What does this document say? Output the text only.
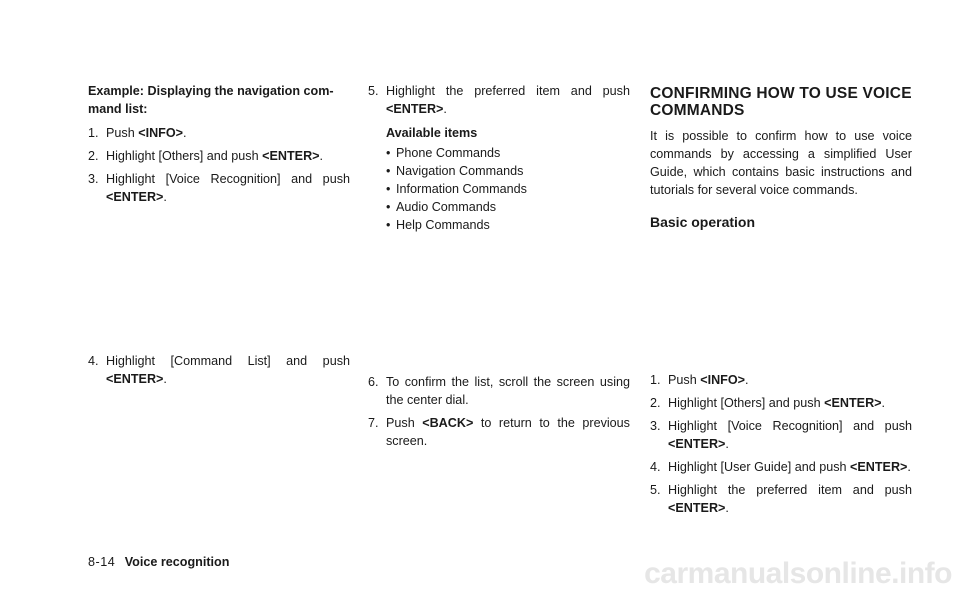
Example: Displaying the navigation com-mand list:

1. Push <INFO>.
2. Highlight [Others] and push <ENTER>.
3. Highlight [Voice Recognition] and push <ENTER>.
4. Highlight [Command List] and push <ENTER>.
5. Highlight the preferred item and push <ENTER>.

Available items

• Phone Commands
• Navigation Commands
• Information Commands
• Audio Commands
• Help Commands
6. To confirm the list, scroll the screen using the center dial.
7. Push <BACK> to return to the previous screen.
CONFIRMING HOW TO USE VOICE COMMANDS

It is possible to confirm how to use voice commands by accessing a simplified User Guide, which contains basic instructions and tutorials for several voice commands.

Basic operation
1. Push <INFO>.
2. Highlight [Others] and push <ENTER>.
3. Highlight [Voice Recognition] and push <ENTER>.
4. Highlight [User Guide] and push <ENTER>.
5. Highlight the preferred item and push <ENTER>.
8-14 Voice recognition	carmanualsonline.info
